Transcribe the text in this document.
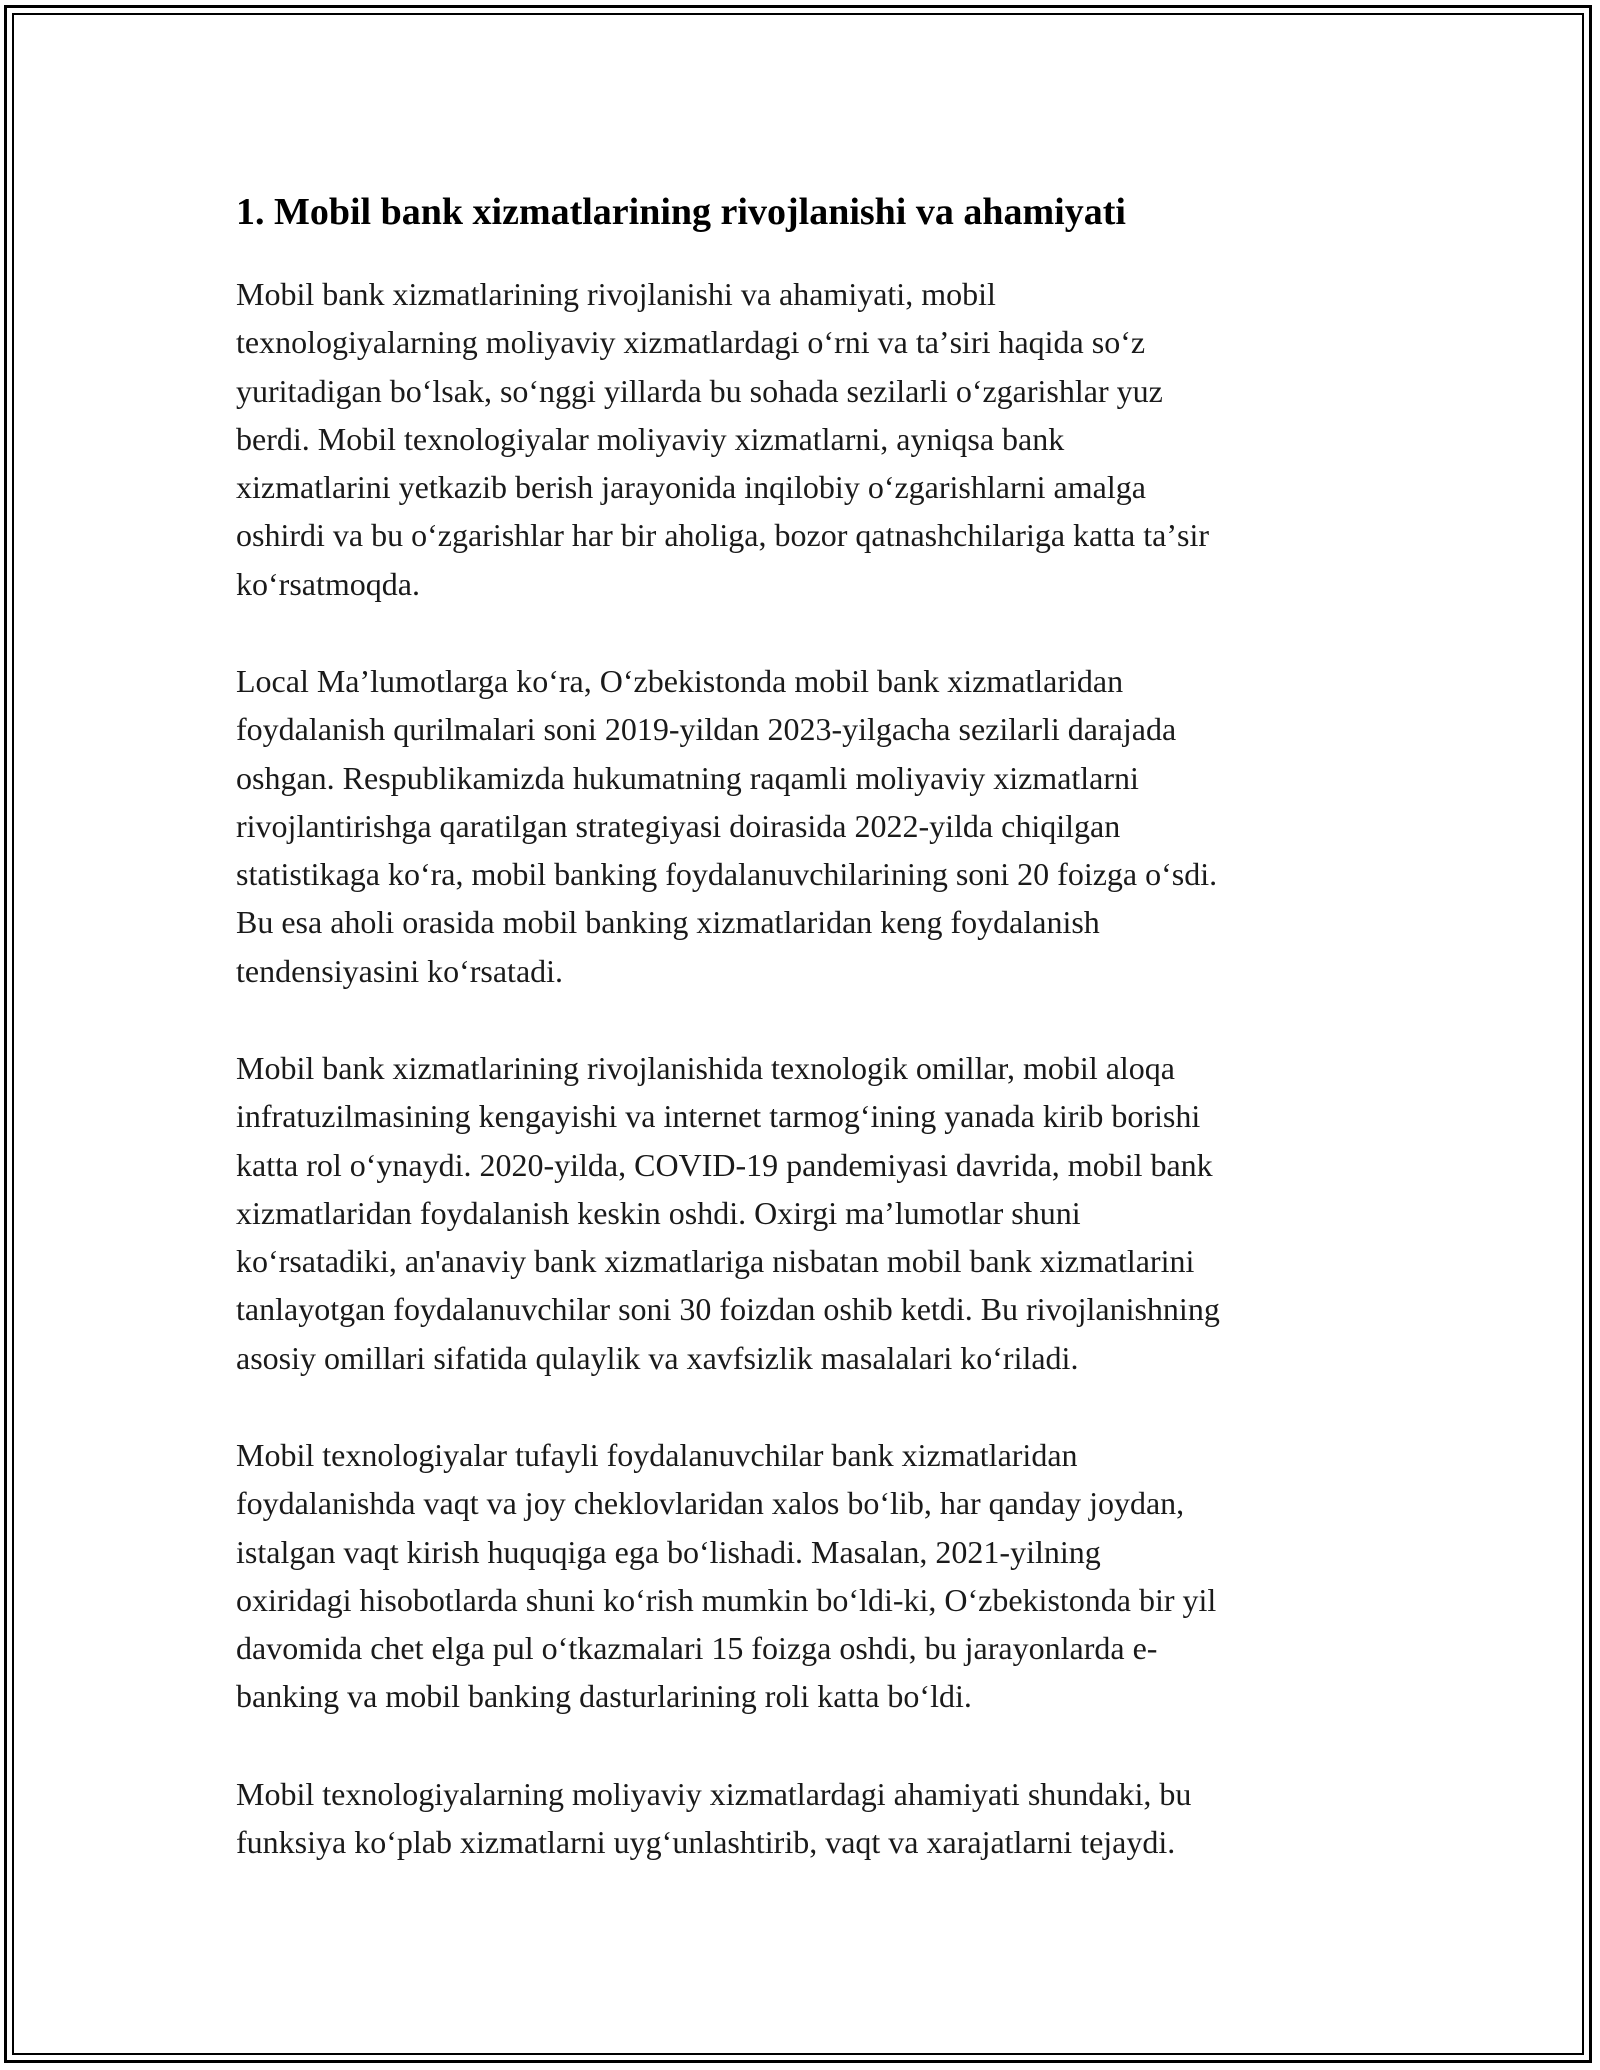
1. Mobil bank xizmatlarining rivojlanishi va ahamiyati

Mobil bank xizmatlarining rivojlanishi va ahamiyati, mobil
texnologiyalarning moliyaviy xizmatlardagi oʻrni va taʼsiri haqida soʻz
yuritadigan boʻlsak, soʻnggi yillarda bu sohada sezilarli oʻzgarishlar yuz
berdi. Mobil texnologiyalar moliyaviy xizmatlarni, ayniqsa bank
xizmatlarini yetkazib berish jarayonida inqilobiy oʻzgarishlarni amalga
oshirdi va bu oʻzgarishlar har bir aholiga, bozor qatnashchilariga katta taʼsir
koʻrsatmoqda.

Local Maʼlumotlarga koʻra, Oʻzbekistonda mobil bank xizmatlaridan
foydalanish qurilmalari soni 2019-yildan 2023-yilgacha sezilarli darajada
oshgan. Respublikamizda hukumatning raqamli moliyaviy xizmatlarni
rivojlantirishga qaratilgan strategiyasi doirasida 2022-yilda chiqilgan
statistikaga koʻra, mobil banking foydalanuvchilarining soni 20 foizga oʻsdi.
Bu esa aholi orasida mobil banking xizmatlaridan keng foydalanish
tendensiyasini koʻrsatadi.

Mobil bank xizmatlarining rivojlanishida texnologik omillar, mobil aloqa
infratuzilmasining kengayishi va internet tarmogʻining yanada kirib borishi
katta rol oʻynaydi. 2020-yilda, COVID-19 pandemiyasi davrida, mobil bank
xizmatlaridan foydalanish keskin oshdi. Oxirgi maʼlumotlar shuni
koʻrsatadiki, an'anaviy bank xizmatlariga nisbatan mobil bank xizmatlarini
tanlayotgan foydalanuvchilar soni 30 foizdan oshib ketdi. Bu rivojlanishning
asosiy omillari sifatida qulaylik va xavfsizlik masalalari koʻriladi.

Mobil texnologiyalar tufayli foydalanuvchilar bank xizmatlaridan
foydalanishda vaqt va joy cheklovlaridan xalos boʻlib, har qanday joydan,
istalgan vaqt kirish huquqiga ega boʻlishadi. Masalan, 2021-yilning
oxiridagi hisobotlarda shuni koʻrish mumkin boʻldi-ki, Oʻzbekistonda bir yil
davomida chet elga pul oʻtkazmalari 15 foizga oshdi, bu jarayonlarda e-
banking va mobil banking dasturlarining roli katta boʻldi.

Mobil texnologiyalarning moliyaviy xizmatlardagi ahamiyati shundaki, bu
funksiya koʻplab xizmatlarni uygʻunlashtirib, vaqt va xarajatlarni tejaydi.
